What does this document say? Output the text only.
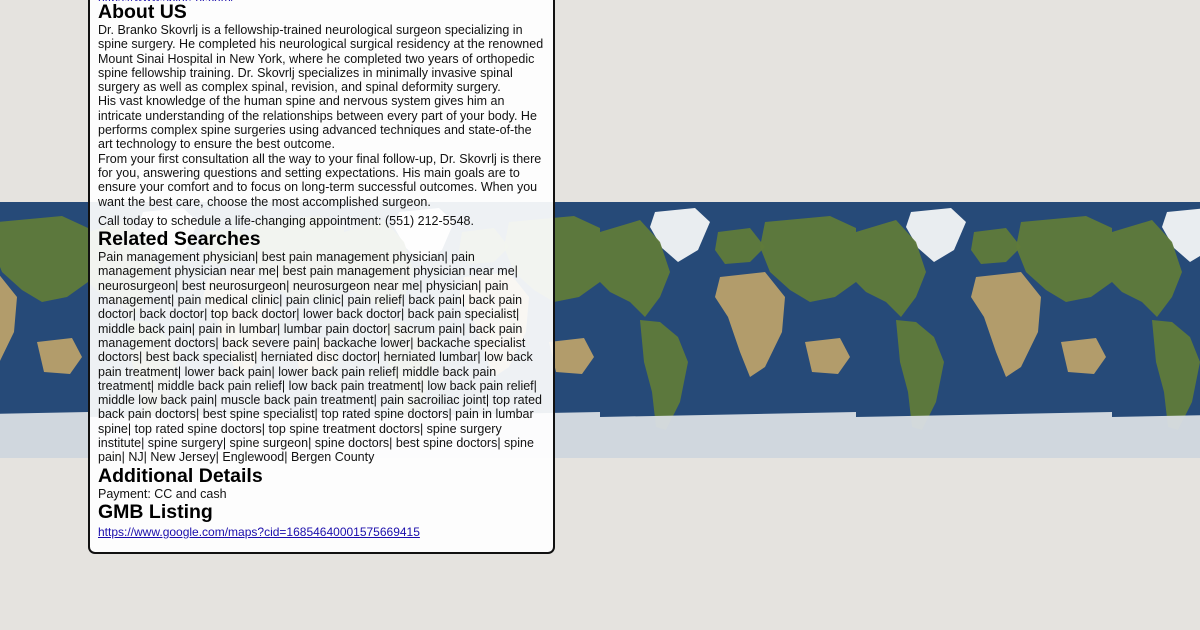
About US

Dr. Branko Skovrlj is a fellowship-trained neurological surgeon specializing in spine surgery. He completed his neurological surgical residency at the renowned Mount Sinai Hospital in New York, where he completed two years of orthopedic spine fellowship training. Dr. Skovrlj specializes in minimally invasive spinal surgery as well as complex spinal, revision, and spinal deformity surgery.

His vast knowledge of the human spine and nervous system gives him an intricate understanding of the relationships between every part of your body. He performs complex spine surgeries using advanced techniques and state-of-the art technology to ensure the best outcome.

From your first consultation all the way to your final follow-up, Dr. Skovrlj is there for you, answering questions and setting expectations. His main goals are to ensure your comfort and to focus on long-term successful outcomes. When you want the best care, choose the most accomplished surgeon.

Call today to schedule a life-changing appointment: (551) 212-5548.

Related Searches

Pain management physician| best pain management physician| pain management physician near me| best pain management physician near me| neurosurgeon| best neurosurgeon| neurosurgeon near me| physician| pain management| pain medical clinic| pain clinic| pain relief| back pain| back pain doctor| back doctor| top back doctor| lower back doctor| back pain specialist| middle back pain| pain in lumbar| lumbar pain doctor| sacrum pain| back pain management doctors| back severe pain| backache lower| backache specialist doctors| best back specialist| herniated disc doctor| herniated lumbar| low back pain treatment| lower back pain| lower back pain relief| middle back pain treatment| middle back pain relief| low back pain treatment| low back pain relief| middle low back pain| muscle back pain treatment| pain sacroiliac joint| top rated back pain doctors| best spine specialist| top rated spine doctors| pain in lumbar spine| top rated spine doctors| top spine treatment doctors| spine surgery institute| spine surgery| spine surgeon| spine doctors| best spine doctors| spine pain| NJ| New Jersey| Englewood| Bergen County

Additional Details

Payment: CC and cash

GMB Listing
https://www.google.com/maps?cid=16854640001575669415
